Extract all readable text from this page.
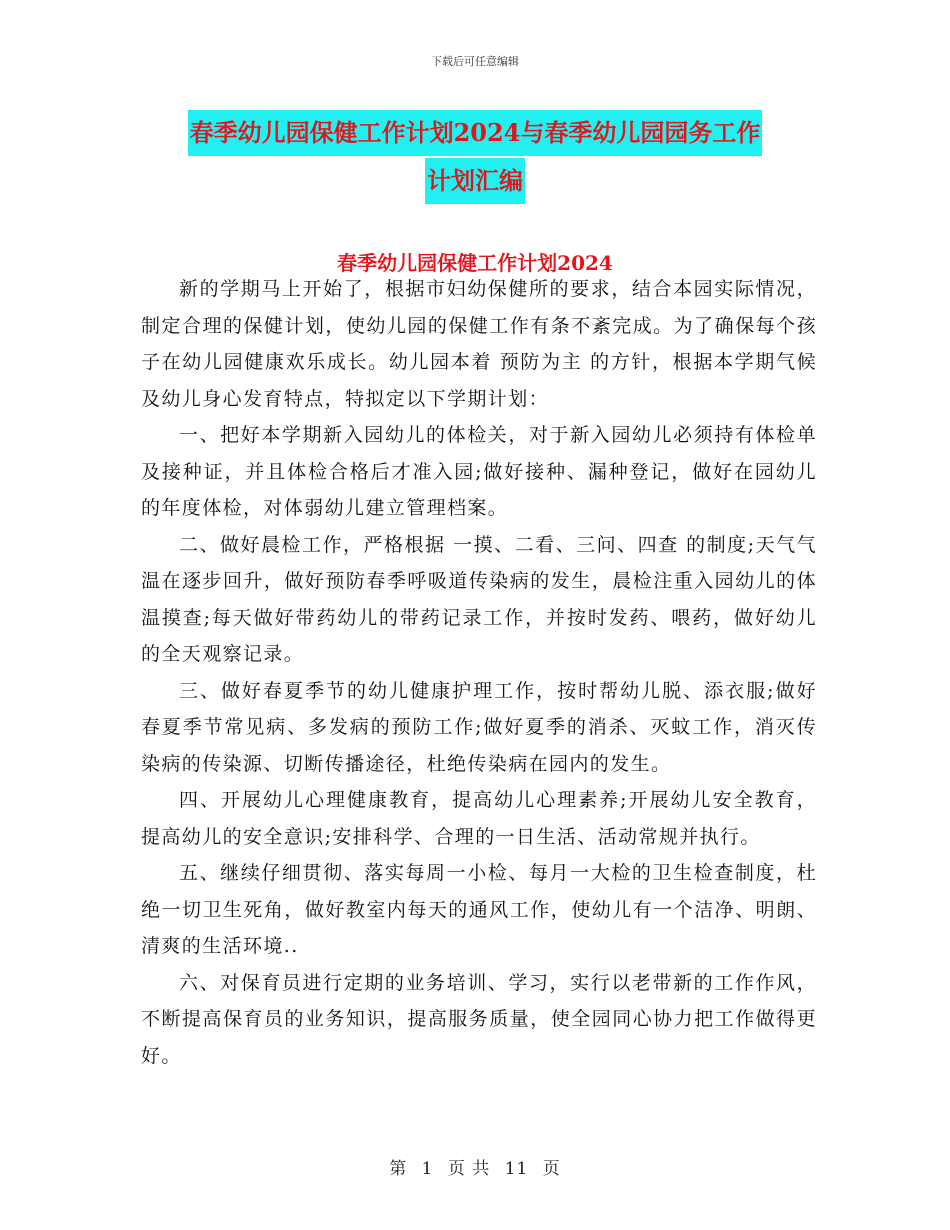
下载后可任意编辑
春季幼儿园保健工作计划2024与春季幼儿园园务工作
计划汇编
春季幼儿园保健工作计划2024

新的学期马上开始了，根据市妇幼保健所的要求，结合本园实际情况，制定合理的保健计划，使幼儿园的保健工作有条不紊完成。为了确保每个孩子在幼儿园健康欢乐成长。幼儿园本着 预防为主 的方针，根据本学期气候及幼儿身心发育特点，特拟定以下学期计划：

一、把好本学期新入园幼儿的体检关，对于新入园幼儿必须持有体检单及接种证，并且体检合格后才准入园;做好接种、漏种登记，做好在园幼儿的年度体检，对体弱幼儿建立管理档案。

二、做好晨检工作，严格根据 一摸、二看、三问、四查 的制度;天气气温在逐步回升，做好预防春季呼吸道传染病的发生，晨检注重入园幼儿的体温摸查;每天做好带药幼儿的带药记录工作，并按时发药、喂药，做好幼儿的全天观察记录。

三、做好春夏季节的幼儿健康护理工作，按时帮幼儿脱、添衣服;做好春夏季节常见病、多发病的预防工作;做好夏季的消杀、灭蚊工作，消灭传染病的传染源、切断传播途径，杜绝传染病在园内的发生。

四、开展幼儿心理健康教育，提高幼儿心理素养;开展幼儿安全教育，提高幼儿的安全意识;安排科学、合理的一日生活、活动常规并执行。

五、继续仔细贯彻、落实每周一小检、每月一大检的卫生检查制度，杜绝一切卫生死角，做好教室内每天的通风工作，使幼儿有一个洁净、明朗、清爽的生活环境..

六、对保育员进行定期的业务培训、学习，实行以老带新的工作作风，不断提高保育员的业务知识，提高服务质量，使全园同心协力把工作做得更好。

第 1 页 共 11 页
